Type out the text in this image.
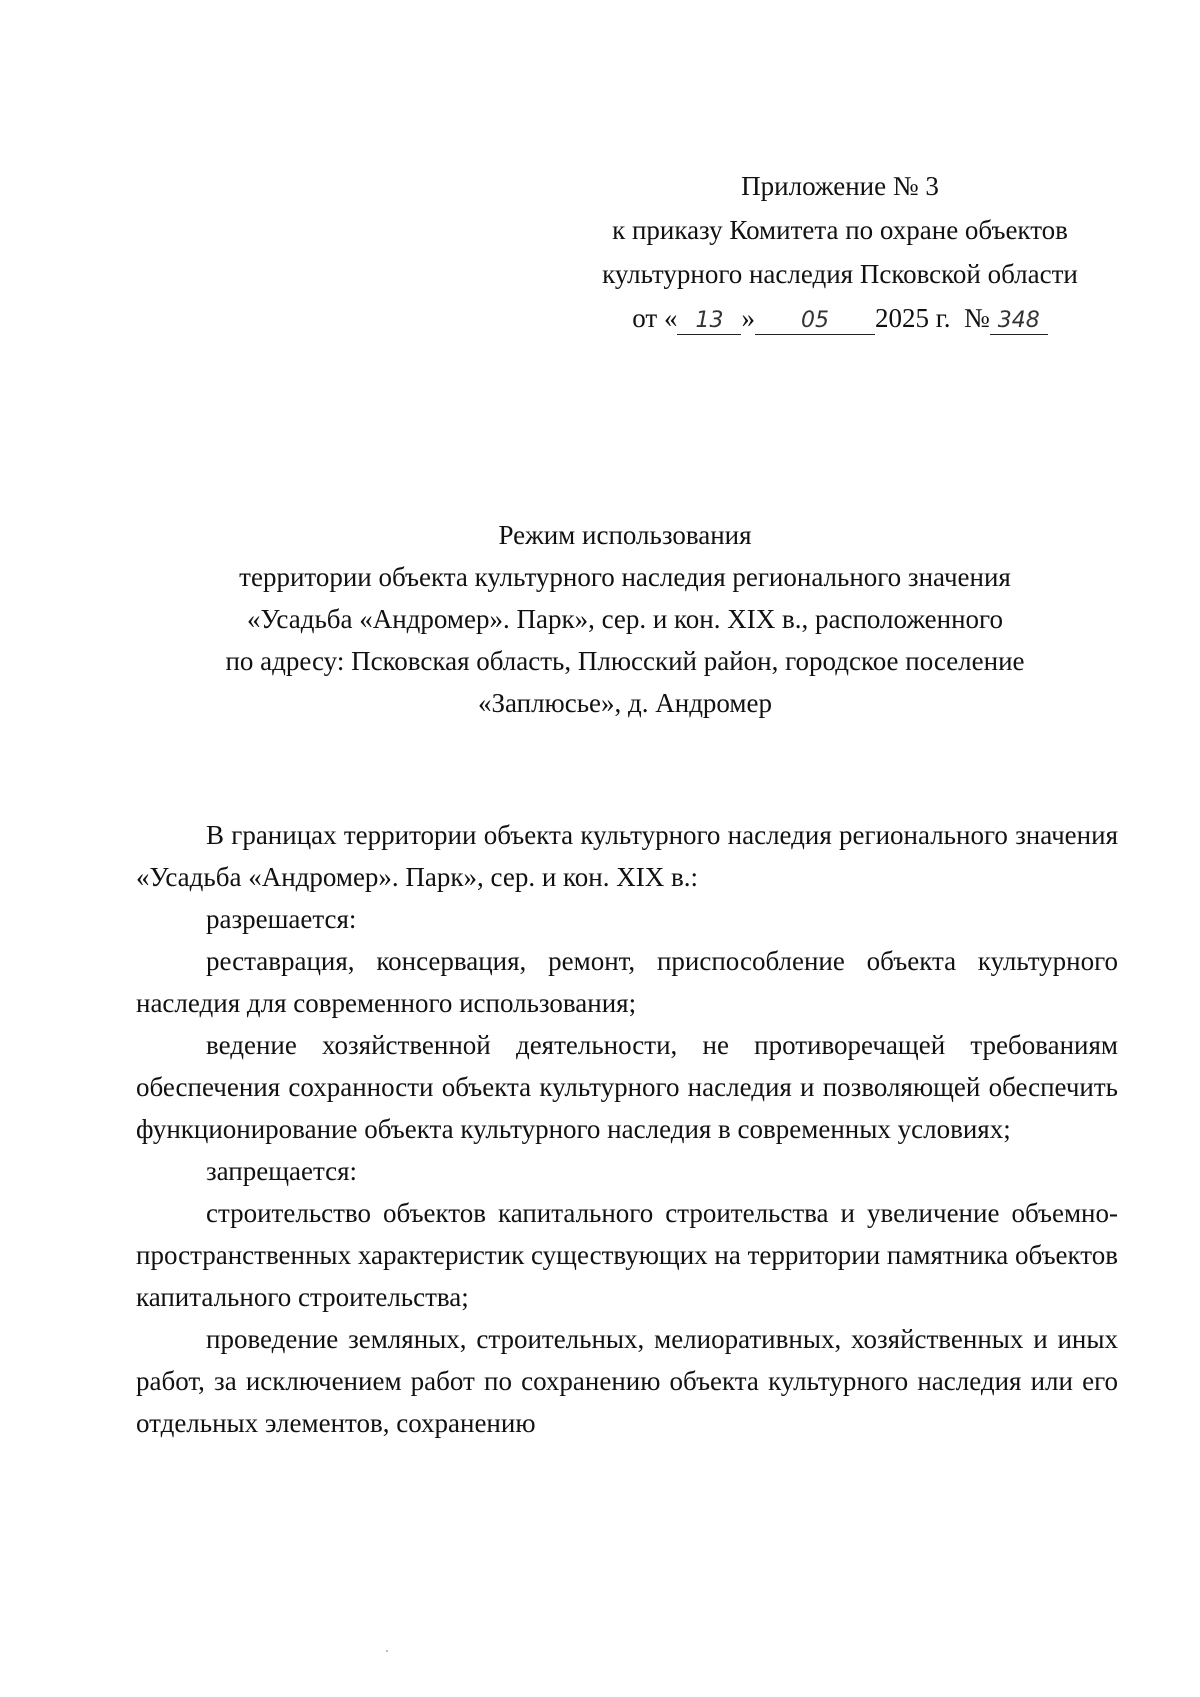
Приложение № 3
к приказу Комитета по охране объектов
культурного наследия Псковской области
от « 13 » 05 2025 г. № 348
Режим использования
территории объекта культурного наследия регионального значения
«Усадьба «Андромер». Парк», сер. и кон. XIX в., расположенного
по адресу: Псковская область, Плюсский район, городское поселение
«Заплюсье», д. Андромер

В границах территории объекта культурного наследия регионального значения «Усадьба «Андромер». Парк», сер. и кон. XIX в.:

разрешается:

реставрация, консервация, ремонт, приспособление объекта культурного наследия для современного использования;

ведение хозяйственной деятельности, не противоречащей требованиям обеспечения сохранности объекта культурного наследия и позволяющей обеспечить функционирование объекта культурного наследия в современных условиях;

запрещается:

строительство объектов капитального строительства и увеличение объемно-пространственных характеристик существующих на территории памятника объектов капитального строительства;

проведение земляных, строительных, мелиоративных, хозяйственных и иных работ, за исключением работ по сохранению объекта культурного наследия или его отдельных элементов, сохранению
